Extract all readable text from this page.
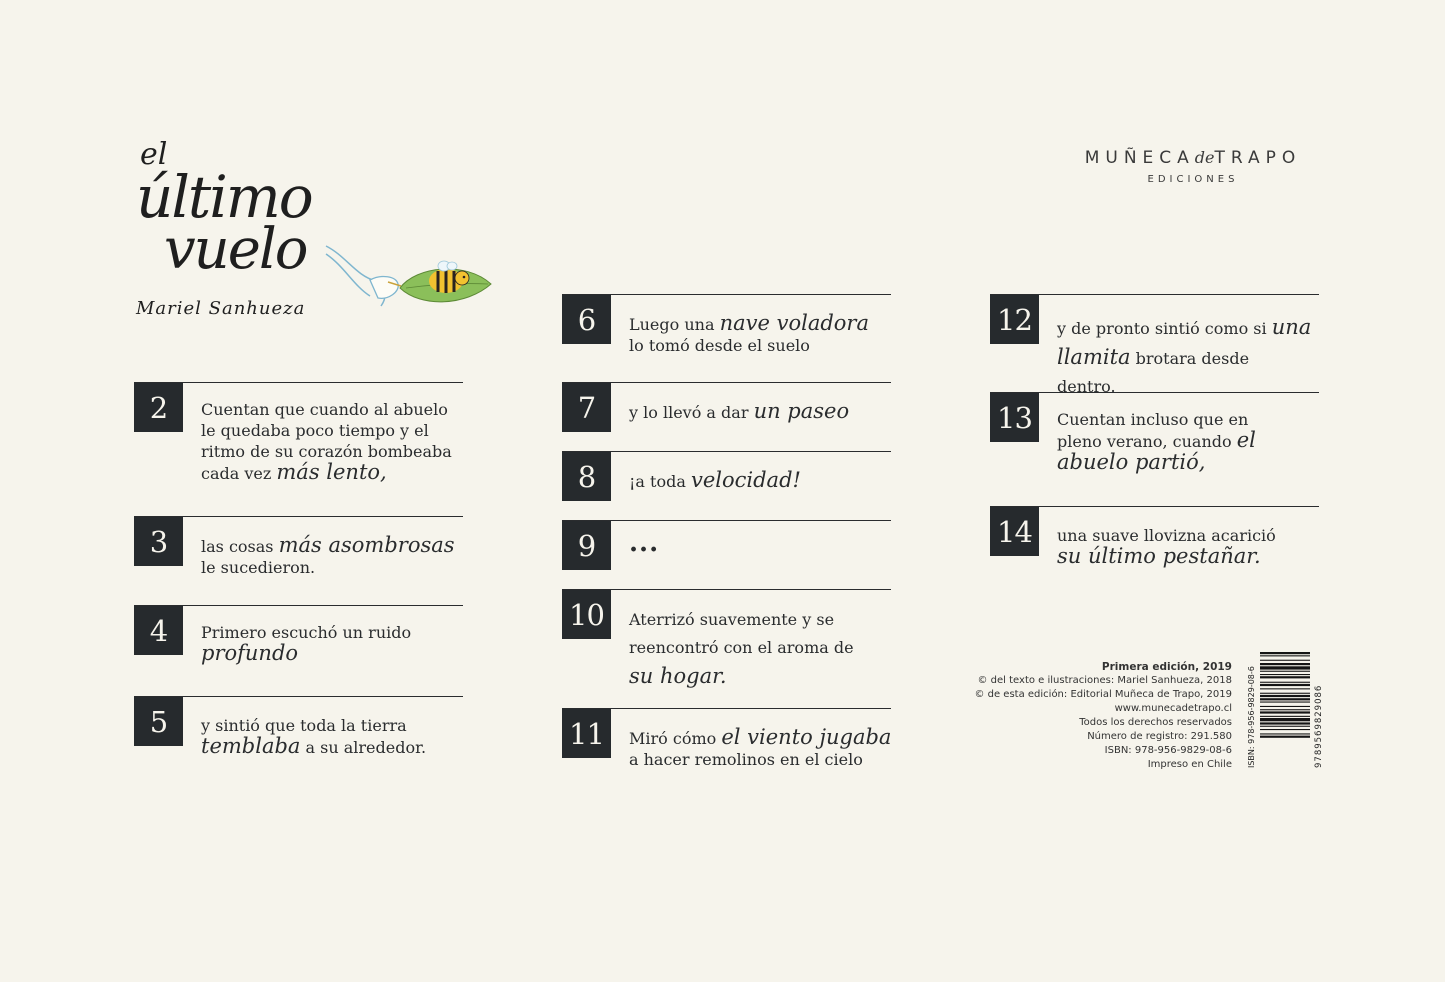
el
último
vuelo
Mariel Sanhueza
MUÑECAdeTRAPO
EDICIONES
2	Cuentan que cuando al abuelo le quedaba poco tiempo y el ritmo de su corazón bombeaba cada vez más lento,
3	las cosas más asombrosas
le sucedieron.
4	Primero escuchó un ruido
profundo
5	y sintió que toda la tierra
temblaba a su alrededor.
6	Luego una nave voladora lo tomó desde el suelo
7	y lo llevó a dar un paseo
8	¡a toda velocidad!
9	...
10	Aterrizó suavemente y se reencontró con el aroma de su hogar.
11	Miró cómo el viento jugaba a hacer remolinos en el cielo
12	y de pronto sintió como si una llamita brotara desde dentro.
13	Cuentan incluso que en pleno verano, cuando el abuelo partió,
14	una suave llovizna acarició su último pestañar.
Primera edición, 2019
© del texto e ilustraciones: Mariel Sanhueza, 2018
© de esta edición: Editorial Muñeca de Trapo, 2019
www.munecadetrapo.cl
Todos los derechos reservados
Número de registro: 291.580
ISBN: 978-956-9829-08-6
Impreso en Chile ISBN: 978-956-9829-08-6	9789569829086
